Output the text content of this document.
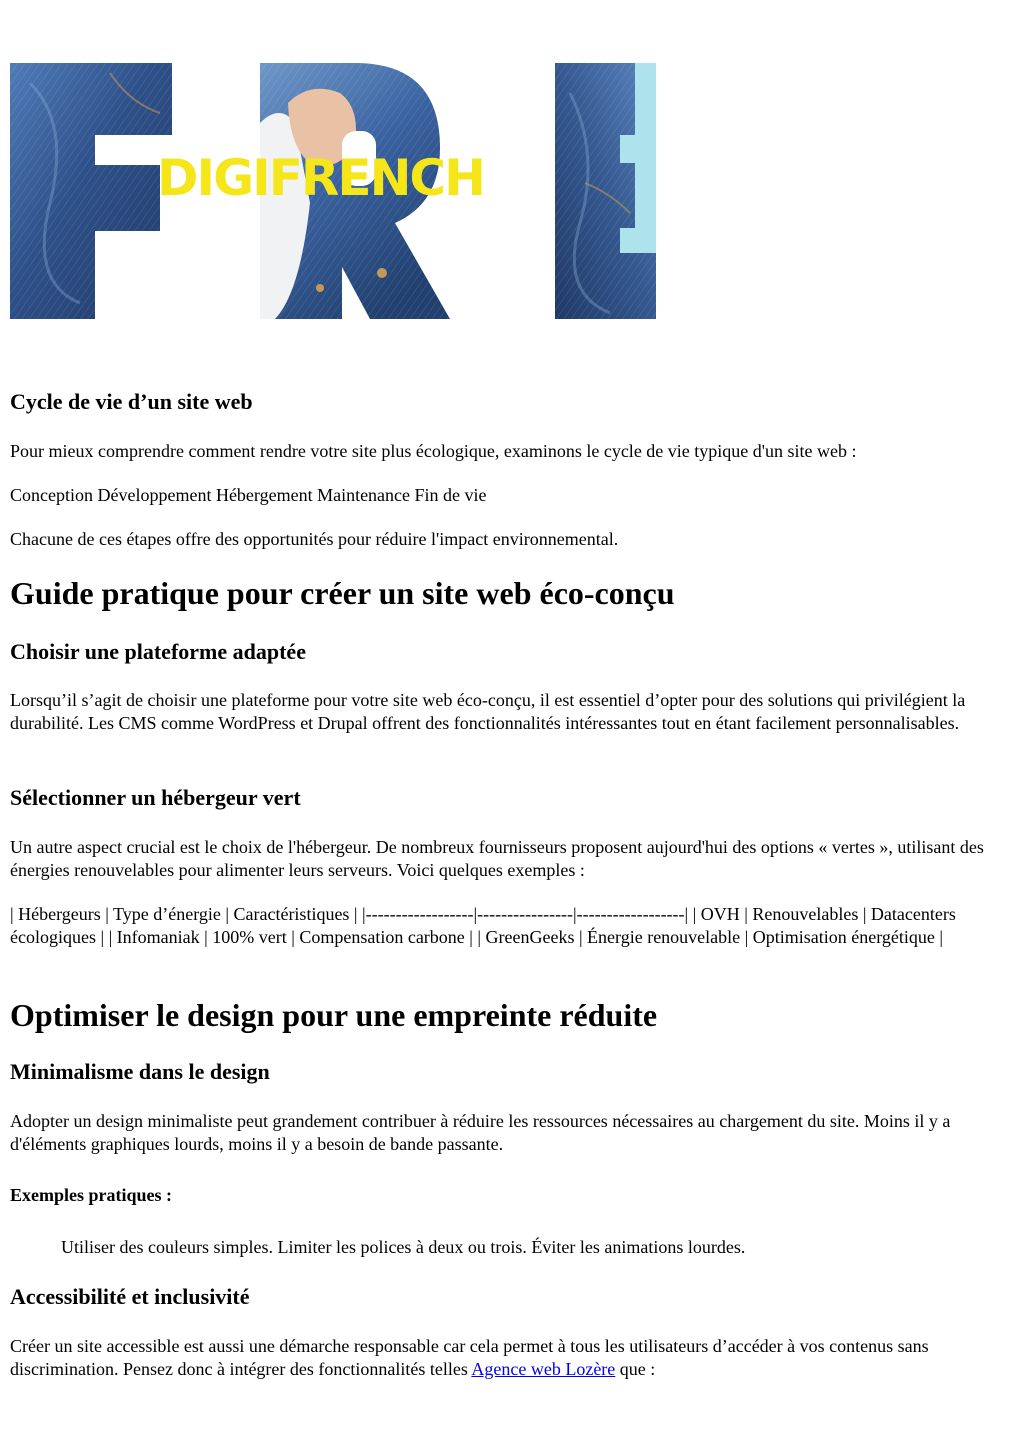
DIGIFRENCH
Cycle de vie d’un site web

Pour mieux comprendre comment rendre votre site plus écologique, examinons le cycle de vie typique d'un site web :

Conception Développement Hébergement Maintenance Fin de vie

Chacune de ces étapes offre des opportunités pour réduire l'impact environnemental.

Guide pratique pour créer un site web éco-conçu
Choisir une plateforme adaptée

Lorsqu’il s’agit de choisir une plateforme pour votre site web éco-conçu, il est essentiel d’opter pour des solutions qui privilégient la durabilité. Les CMS comme WordPress et Drupal offrent des fonctionnalités intéressantes tout en étant facilement personnalisables.

Sélectionner un hébergeur vert

Un autre aspect crucial est le choix de l'hébergeur. De nombreux fournisseurs proposent aujourd'hui des options « vertes », utilisant des énergies renouvelables pour alimenter leurs serveurs. Voici quelques exemples :

| Hébergeurs | Type d’énergie | Caractéristiques | |------------------|----------------|------------------| | OVH | Renouvelables | Datacenters écologiques | | Infomaniak | 100% vert | Compensation carbone | | GreenGeeks | Énergie renouvelable | Optimisation énergétique |

Optimiser le design pour une empreinte réduite
Minimalisme dans le design

Adopter un design minimaliste peut grandement contribuer à réduire les ressources nécessaires au chargement du site. Moins il y a d'éléments graphiques lourds, moins il y a besoin de bande passante.

Exemples pratiques :

Utiliser des couleurs simples. Limiter les polices à deux ou trois. Éviter les animations lourdes.

Accessibilité et inclusivité

Créer un site accessible est aussi une démarche responsable car cela permet à tous les utilisateurs d’accéder à vos contenus sans discrimination. Pensez donc à intégrer des fonctionnalités telles Agence web Lozère que :
